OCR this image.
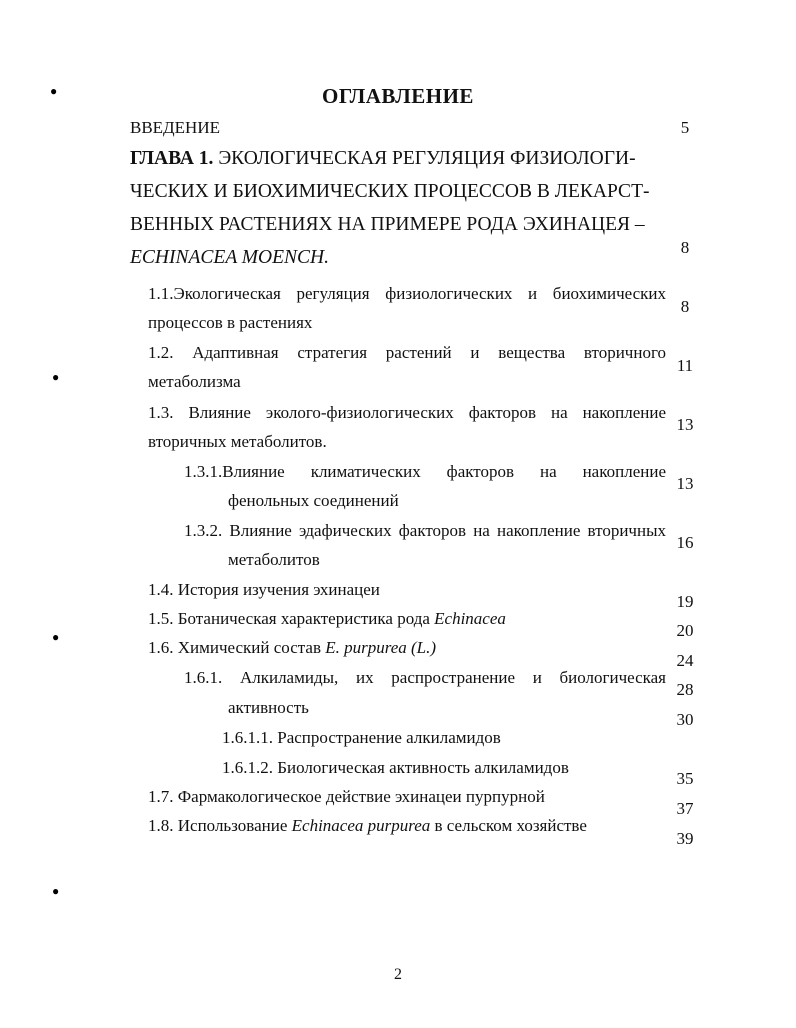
ОГЛАВЛЕНИЕ
●
●
●
●
ВВЕДЕНИЕ	5
ГЛАВА 1. ЭКОЛОГИЧЕСКАЯ РЕГУЛЯЦИЯ ФИЗИОЛОГИ-
ЧЕСКИХ И БИОХИМИЧЕСКИХ ПРОЦЕССОВ В ЛЕКАРСТ-
ВЕННЫХ РАСТЕНИЯХ НА ПРИМЕРЕ РОДА ЭХИНАЦЕЯ –
ECHINACEA MOENCH.	8
1.1.Экологическая регуляция физиологических и биохимических
процессов в растениях
8
1.2. Адаптивная стратегия растений и вещества вторичного
метаболизма
11
1.3. Влияние эколого-физиологических факторов на накопление
вторичных метаболитов.
13
1.3.1.Влияние климатических факторов на накопление
фенольных соединений
13
1.3.2. Влияние эдафических факторов на накопление вторичных
метаболитов
16
1.4. История изучения эхинацеи
19
1.5. Ботаническая характеристика рода Echinacea
20
1.6. Химический состав E. purpurea (L.)
24
1.6.1. Алкиламиды, их распространение и биологическая
активность
28
1.6.1.1. Распространение алкиламидов
30
1.6.1.2. Биологическая активность алкиламидов
35
1.7. Фармакологическое действие эхинацеи пурпурной
37
1.8. Использование Echinacea purpurea в сельском хозяйстве
39
2
